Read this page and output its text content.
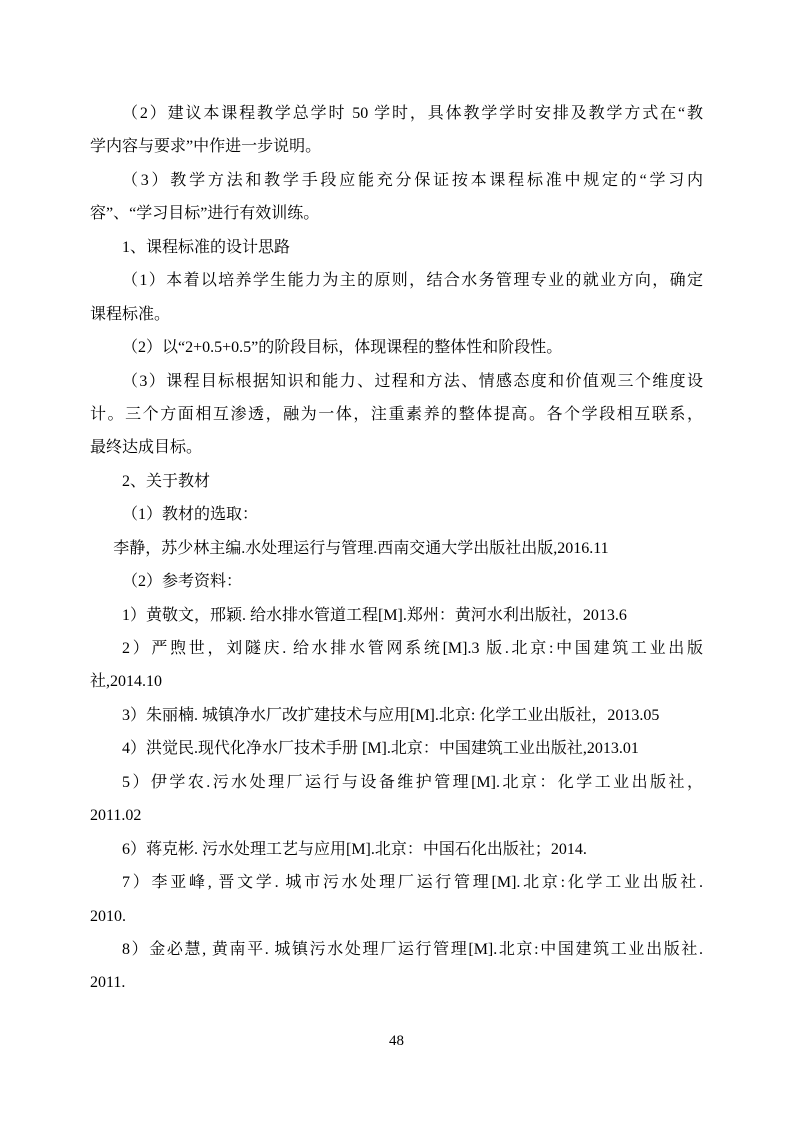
（2）建议本课程教学总学时 50 学时，具体教学学时安排及教学方式在“教
学内容与要求”中作进一步说明。
（3）教学方法和教学手段应能充分保证按本课程标准中规定的“学习内
容”、“学习目标”进行有效训练。
1、课程标准的设计思路
（1）本着以培养学生能力为主的原则，结合水务管理专业的就业方向，确定
课程标准。
（2）以“2+0.5+0.5”的阶段目标，体现课程的整体性和阶段性。
（3）课程目标根据知识和能力、过程和方法、情感态度和价值观三个维度设
计。三个方面相互渗透，融为一体，注重素养的整体提高。各个学段相互联系，
最终达成目标。
2、关于教材
（1）教材的选取：
李静，苏少林主编.水处理运行与管理.西南交通大学出版社出版,2016.11
（2）参考资料：
1）黄敬文，邢颖. 给水排水管道工程[M].郑州：黄河水利出版社，2013.6
2）严煦世，刘隧庆. 给水排水管网系统[M].3 版.北京:中国建筑工业出版
社,2014.10
3）朱丽楠. 城镇净水厂改扩建技术与应用[M].北京: 化学工业出版社，2013.05
4）洪觉民.现代化净水厂技术手册 [M].北京：中国建筑工业出版社,2013.01
5）伊学农.污水处理厂运行与设备维护管理[M].北京：化学工业出版社，
2011.02
6）蒋克彬. 污水处理工艺与应用[M].北京：中国石化出版社；2014.
7）李亚峰, 晋文学. 城市污水处理厂运行管理[M].北京:化学工业出版社.
2010.
8）金必慧, 黄南平. 城镇污水处理厂运行管理[M].北京:中国建筑工业出版社.
2011.
48
